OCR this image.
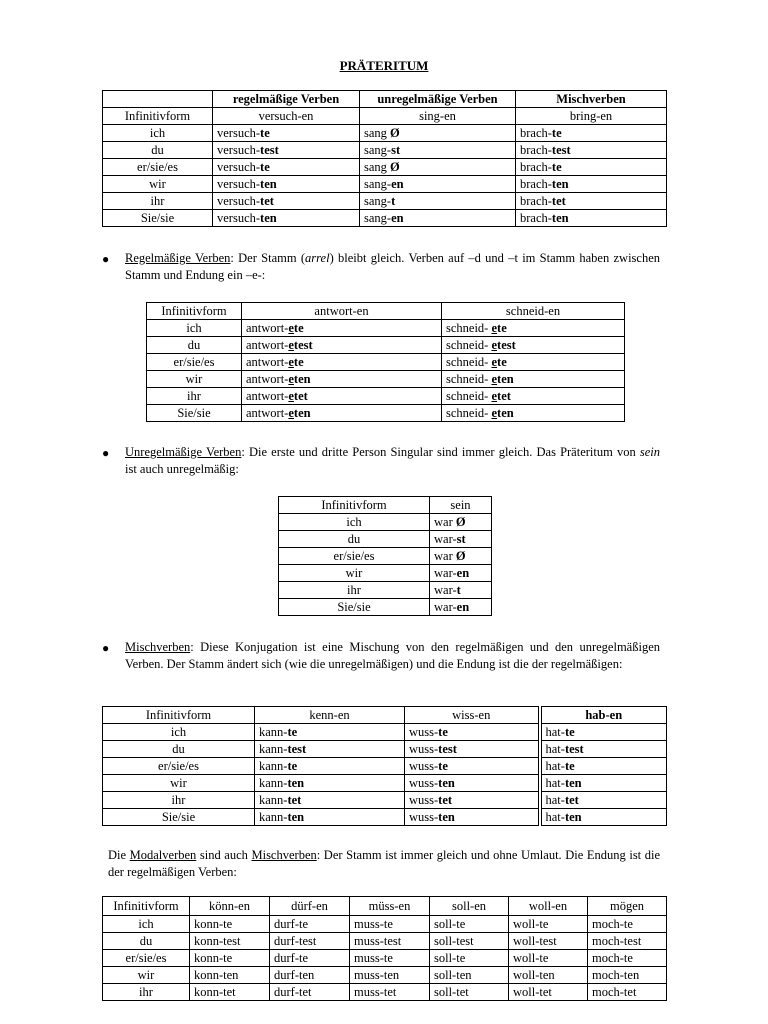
PRÄTERITUM
	regelmäßige Verben	unregelmäßige Verben	Mischverben
Infinitivform	versuch-en	sing-en	bring-en
ich	versuch-te	sang Ø	brach-te
du	versuch-test	sang-st	brach-test
er/sie/es	versuch-te	sang Ø	brach-te
wir	versuch-ten	sang-en	brach-ten
ihr	versuch-tet	sang-t	brach-tet
Sie/sie	versuch-ten	sang-en	brach-ten
● Regelmäßige Verben: Der Stamm (arrel) bleibt gleich. Verben auf –d und –t im Stamm haben zwischen Stamm und Endung ein –e-:
Infinitivform	antwort-en	schneid-en
ich	antwort-ete	schneid- ete
du	antwort-etest	schneid- etest
er/sie/es	antwort-ete	schneid- ete
wir	antwort-eten	schneid- eten
ihr	antwort-etet	schneid- etet
Sie/sie	antwort-eten	schneid- eten
● Unregelmäßige Verben: Die erste und dritte Person Singular sind immer gleich. Das Präteritum von sein ist auch unregelmäßig:
Infinitivform	sein
ich	war Ø
du	war-st
er/sie/es	war Ø
wir	war-en
ihr	war-t
Sie/sie	war-en
● Mischverben: Diese Konjugation ist eine Mischung von den regelmäßigen und den unregelmäßigen Verben. Der Stamm ändert sich (wie die unregelmäßigen) und die Endung ist die der regelmäßigen:
Infinitivform	kenn-en	wiss-en	hab-en
ich	kann-te	wuss-te	hat-te
du	kann-test	wuss-test	hat-test
er/sie/es	kann-te	wuss-te	hat-te
wir	kann-ten	wuss-ten	hat-ten
ihr	kann-tet	wuss-tet	hat-tet
Sie/sie	kann-ten	wuss-ten	hat-ten
Die Modalverben sind auch Mischverben: Der Stamm ist immer gleich und ohne Umlaut. Die Endung ist die der regelmäßigen Verben:
Infinitivform	könn-en	dürf-en	müss-en	soll-en	woll-en	mögen
ich	konn-te	durf-te	muss-te	soll-te	woll-te	moch-te
du	konn-test	durf-test	muss-test	soll-test	woll-test	moch-test
er/sie/es	konn-te	durf-te	muss-te	soll-te	woll-te	moch-te
wir	konn-ten	durf-ten	muss-ten	soll-ten	woll-ten	moch-ten
ihr	konn-tet	durf-tet	muss-tet	soll-tet	woll-tet	moch-tet
